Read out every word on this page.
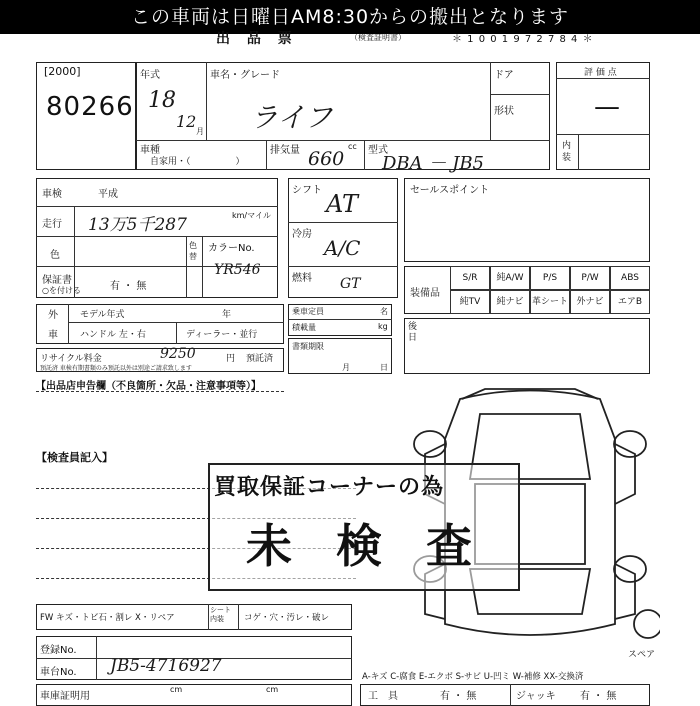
この車両は日曜日AM8:30からの搬出となります
出 品 票	（検査証明書）	＊ 1 0 0 1 9 7 2 7 8 4 ＊
[2000]
80266
年式
18
12
月
車名・グレード
ライフ
ドア
形状
車種
自家用・（　　　　　）
排気量 660
cc 型式
DBA － JB5
評 価 点
—
内装
車検	平成
走行 13万5千287	km/マイル
色
色替
カラーNo.
YR546
保証書
○を付ける	有 ・ 無
シフト AT
冷房
A/C
燃料 GT
セールスポイント
装備品
S/R	純A/W	P/S	P/W	ABS
純TV	純ナビ 革シート 外ナビ	エアB
外
車
モデル年式	年
ハンドル 左・右	ディーラー・並行
乗車定員	名
積載量	kg
書類期限
月	日
後日
リサイクル料金	9250	円 預託済
預託済 車検有期書類のみ預託以外は別途ご請求致します
【出品店申告欄（不良箇所・欠品・注意事項等）】
【検査員記入】
スペア
買取保証コーナーの為
未 検 査
FW キズ・トビ石・割レ X・リペア
シート内装	コゲ・穴・汚レ・破レ
登録No.
車台No. JB5-4716927
車庫証明用
cm	cm
A-キズ C-腐食 E-エクボ S-サビ U-凹ミ W-補修 XX-交換済
工　具	有 ・ 無	ジャッキ 有 ・ 無
